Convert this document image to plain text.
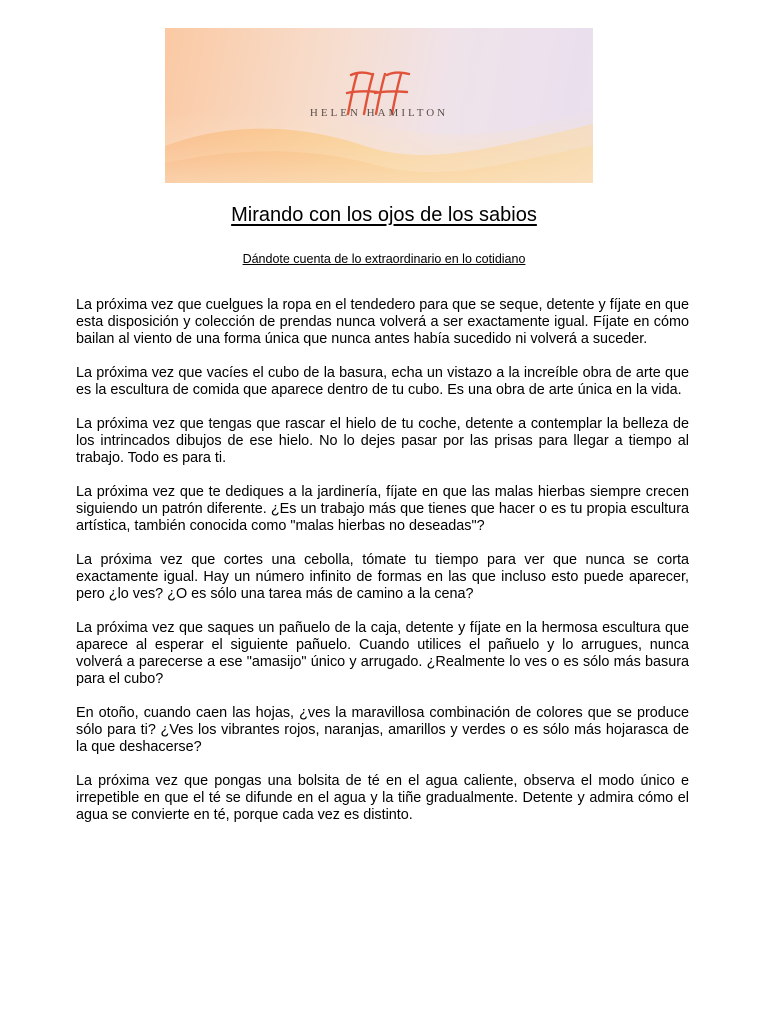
HELEN HAMILTON
Mirando con los ojos de los sabios
Dándote cuenta de lo extraordinario en lo cotidiano

La próxima vez que cuelgues la ropa en el tendedero para que se seque, detente y fíjate en que esta disposición y colección de prendas nunca volverá a ser exactamente igual. Fíjate en cómo bailan al viento de una forma única que nunca antes había sucedido ni volverá a suceder.

La próxima vez que vacíes el cubo de la basura, echa un vistazo a la increíble obra de arte que es la escultura de comida que aparece dentro de tu cubo. Es una obra de arte única en la vida.

La próxima vez que tengas que rascar el hielo de tu coche, detente a contemplar la belleza de los intrincados dibujos de ese hielo. No lo dejes pasar por las prisas para llegar a tiempo al trabajo. Todo es para ti.

La próxima vez que te dediques a la jardinería, fíjate en que las malas hierbas siempre crecen siguiendo un patrón diferente. ¿Es un trabajo más que tienes que hacer o es tu propia escultura artística, también conocida como "malas hierbas no deseadas"?

La próxima vez que cortes una cebolla, tómate tu tiempo para ver que nunca se corta exactamente igual. Hay un número infinito de formas en las que incluso esto puede aparecer, pero ¿lo ves? ¿O es sólo una tarea más de camino a la cena?

La próxima vez que saques un pañuelo de la caja, detente y fíjate en la hermosa escultura que aparece al esperar el siguiente pañuelo. Cuando utilices el pañuelo y lo arrugues, nunca volverá a parecerse a ese "amasijo" único y arrugado. ¿Realmente lo ves o es sólo más basura para el cubo?

En otoño, cuando caen las hojas, ¿ves la maravillosa combinación de colores que se produce sólo para ti? ¿Ves los vibrantes rojos, naranjas, amarillos y verdes o es sólo más hojarasca de la que deshacerse?

La próxima vez que pongas una bolsita de té en el agua caliente, observa el modo único e irrepetible en que el té se difunde en el agua y la tiñe gradualmente. Detente y admira cómo el agua se convierte en té, porque cada vez es distinto.
